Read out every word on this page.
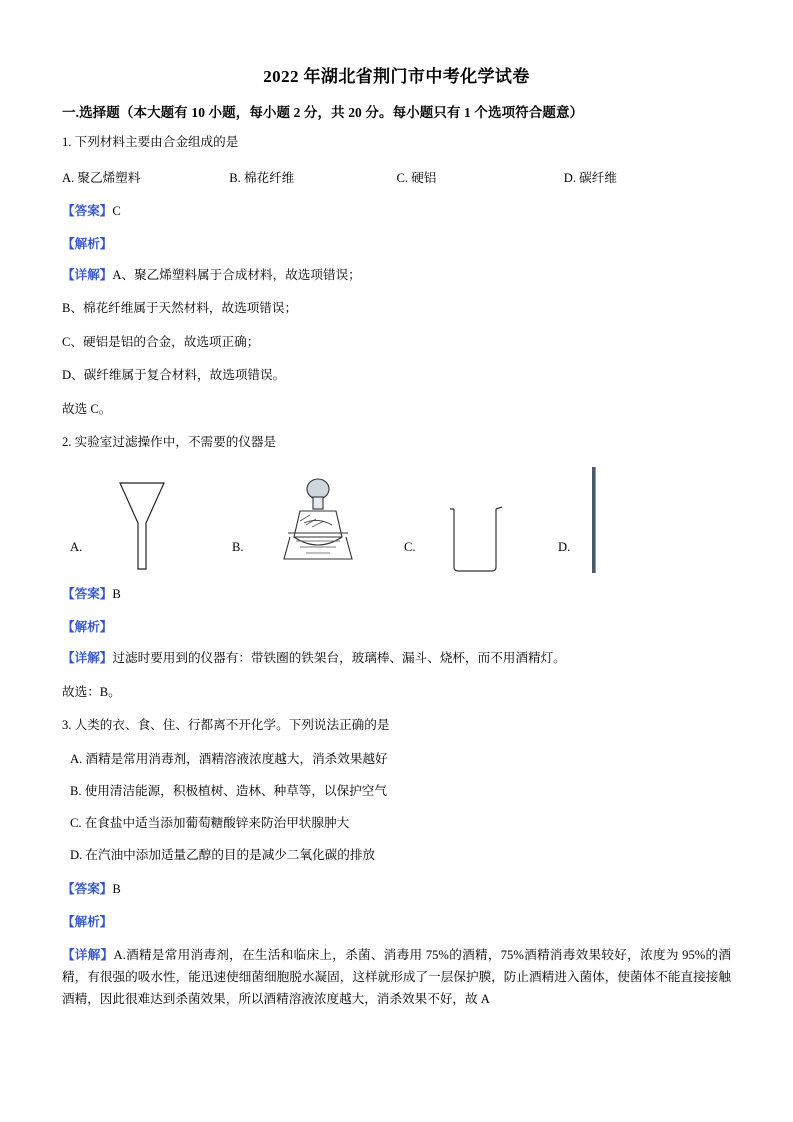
2022 年湖北省荆门市中考化学试卷
一.选择题（本大题有 10 小题，每小题 2 分，共 20 分。每小题只有 1 个选项符合题意）
1. 下列材料主要由合金组成的是
A. 聚乙烯塑料	B. 棉花纤维	C. 硬铝	D. 碳纤维
【答案】C
【解析】
【详解】A、聚乙烯塑料属于合成材料，故选项错误；
B、棉花纤维属于天然材料，故选项错误；
C、硬铝是铝的合金，故选项正确；
D、碳纤维属于复合材料，故选项错误。
故选 C。
2. 实验室过滤操作中，不需要的仪器是
A.	B.	C.	D.
【答案】B
【解析】
【详解】过滤时要用到的仪器有：带铁圈的铁架台，玻璃棒、漏斗、烧杯，而不用酒精灯。
故选：B。
3. 人类的衣、食、住、行都离不开化学。下列说法正确的是
A. 酒精是常用消毒剂，酒精溶液浓度越大，消杀效果越好
B. 使用清洁能源，积极植树、造林、种草等，以保护空气
C. 在食盐中适当添加葡萄糖酸锌来防治甲状腺肿大
D. 在汽油中添加适量乙醇的目的是减少二氧化碳的排放
【答案】B
【解析】
【详解】A.酒精是常用消毒剂，在生活和临床上，杀菌、消毒用 75%的酒精，75%酒精消毒效果较好，浓度为 95%的酒精，有很强的吸水性，能迅速使细菌细胞脱水凝固，这样就形成了一层保护膜，防止酒精进入菌体，使菌体不能直接接触酒精，因此很难达到杀菌效果，所以酒精溶液浓度越大，消杀效果不好，故 A
